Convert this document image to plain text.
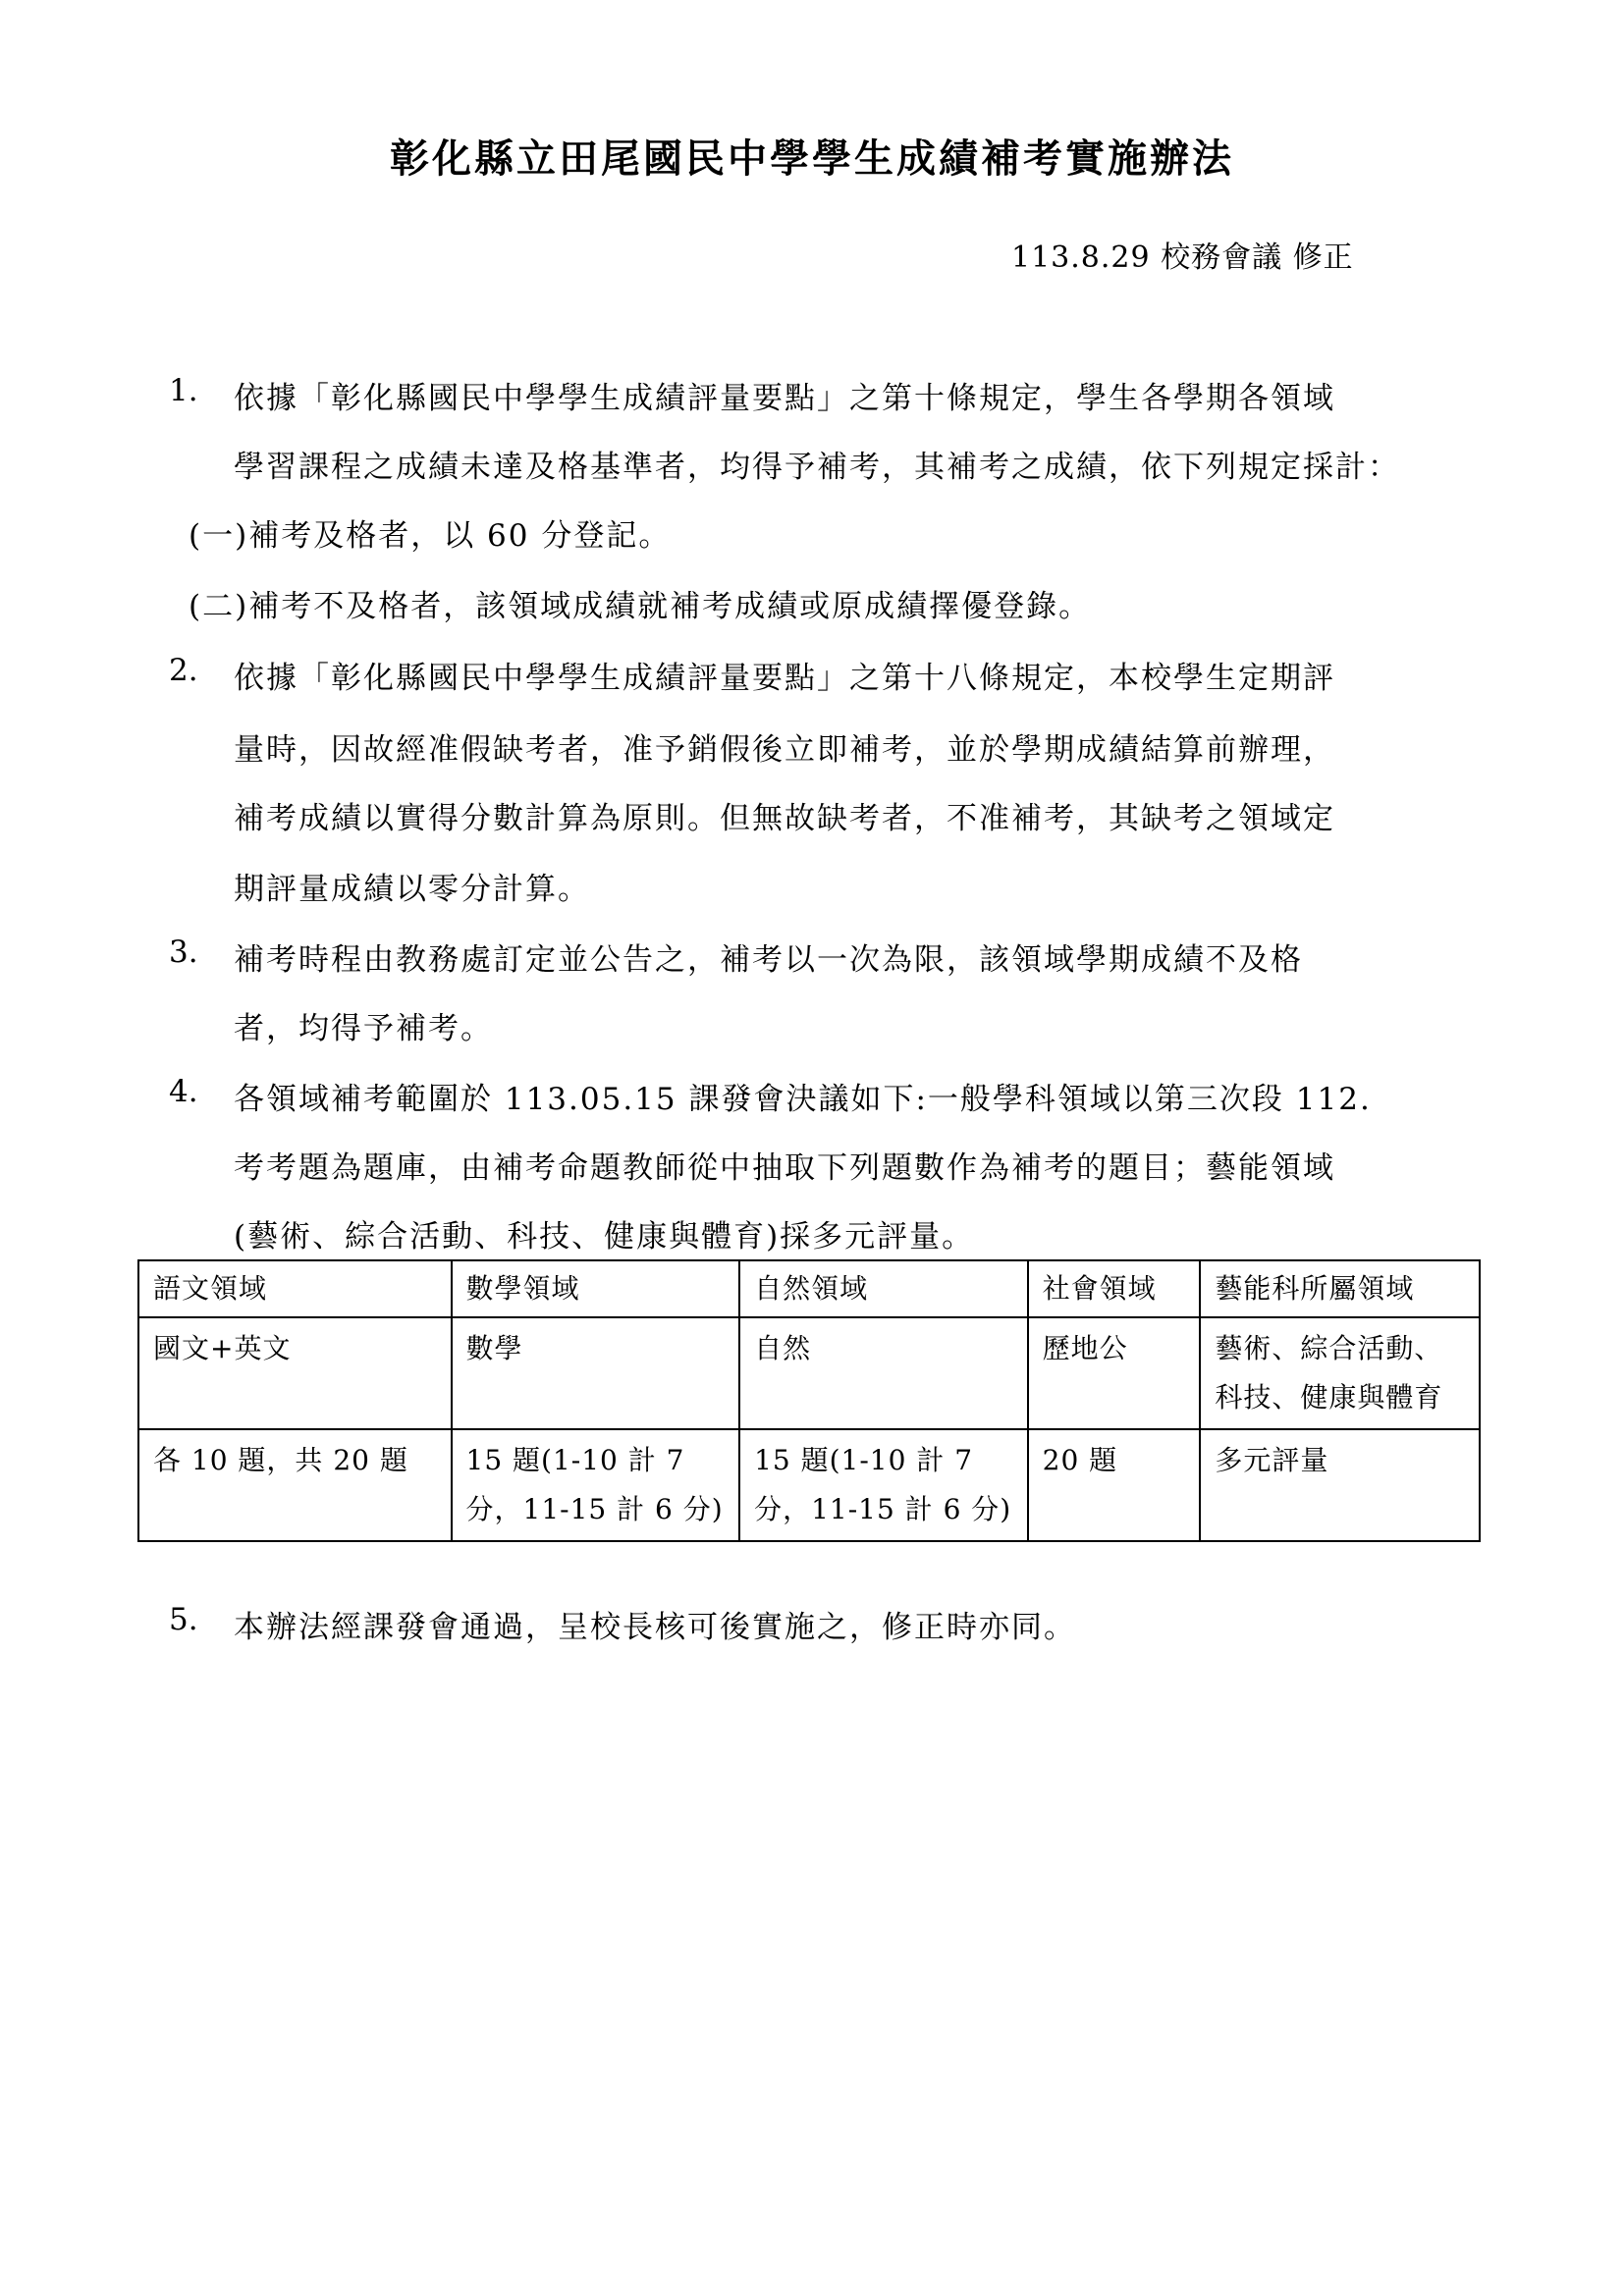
彰化縣立田尾國民中學學生成績補考實施辦法
113.8.29 校務會議 修正
1. 依據「彰化縣國民中學學生成績評量要點」之第十條規定，學生各學期各領域
學習課程之成績未達及格基準者，均得予補考，其補考之成績，依下列規定採計：
(一)補考及格者，以 60 分登記。
(二)補考不及格者，該領域成績就補考成績或原成績擇優登錄。
2. 依據「彰化縣國民中學學生成績評量要點」之第十八條規定，本校學生定期評
量時，因故經准假缺考者，准予銷假後立即補考，並於學期成績結算前辦理，
補考成績以實得分數計算為原則。但無故缺考者，不准補考，其缺考之領域定
期評量成績以零分計算。
3. 補考時程由教務處訂定並公告之，補考以一次為限，該領域學期成績不及格
者，均得予補考。
4. 各領域補考範圍於 113.05.15 課發會決議如下:一般學科領域以第三次段 112.
考考題為題庫，由補考命題教師從中抽取下列題數作為補考的題目；藝能領域
(藝術、綜合活動、科技、健康與體育)採多元評量。
5. 本辦法經課發會通過，呈校長核可後實施之，修正時亦同。
語文領域	數學領域	自然領域	社會領域	藝能科所屬領域
國文+英文	數學	自然	歷地公	藝術、綜合活動、科技、健康與體育
各 10 題，共 20 題	15 題(1-10 計 7 分，11-15 計 6 分)	15 題(1-10 計 7 分，11-15 計 6 分)	20 題	多元評量
